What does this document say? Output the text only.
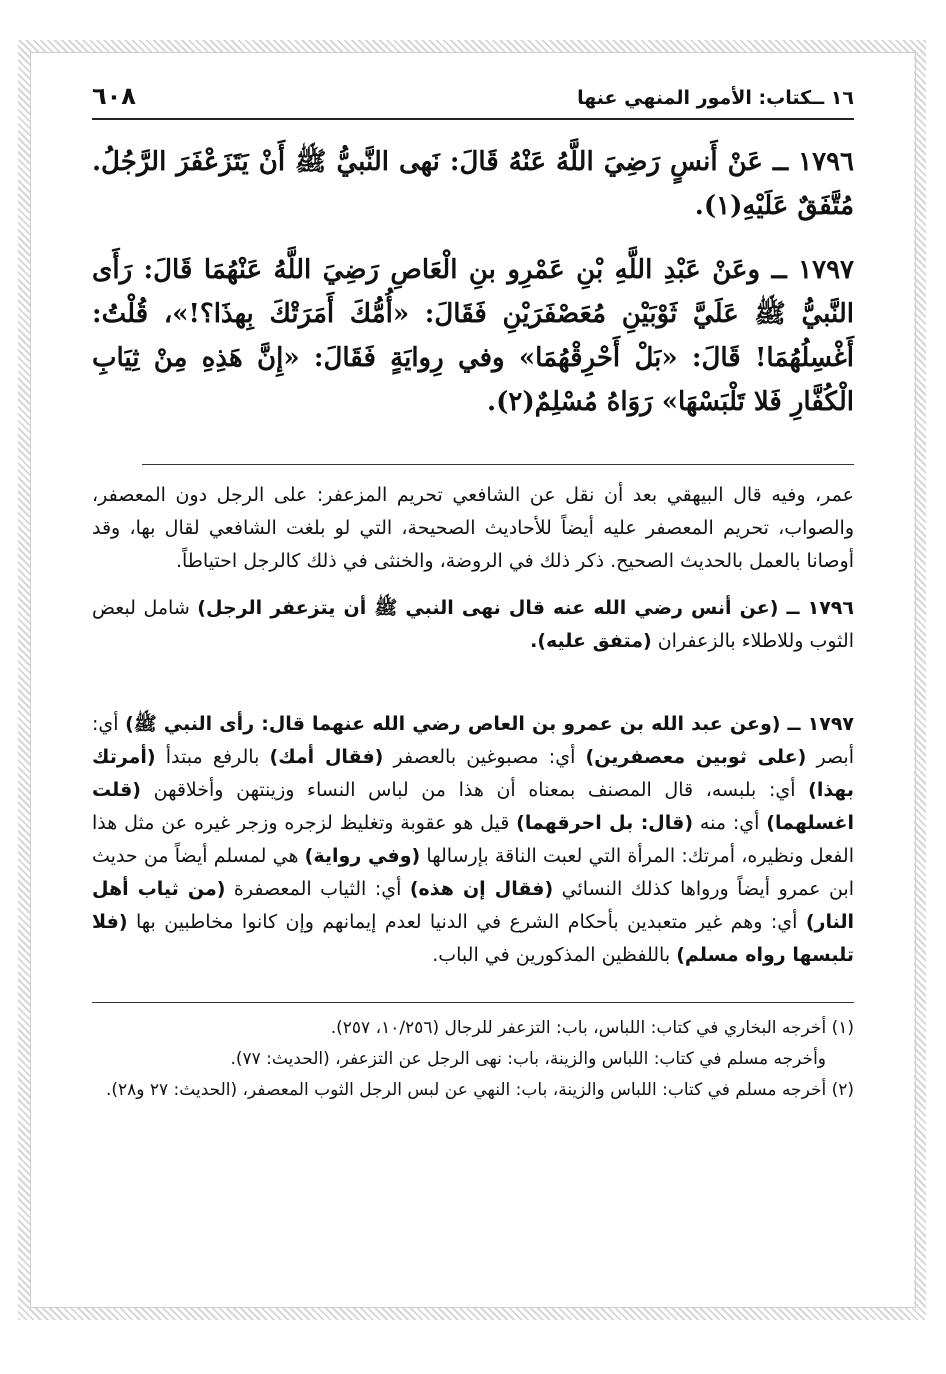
١٦ ــكتاب: الأمور المنهي عنها
٦٠٨

١٧٩٦ ــ عَنْ أَنسٍ رَضِيَ اللَّهُ عَنْهُ قَالَ: نَهى النَّبيُّ ﷺ أَنْ يَتَزَعْفَرَ الرَّجُلُ. مُتَّفَقٌ عَلَيْهِ(١).

١٧٩٧ ــ وعَنْ عَبْدِ اللَّهِ بْنِ عَمْرِو بنِ الْعَاصِ رَضِيَ اللَّهُ عَنْهُمَا قَالَ: رَأَى النَّبيُّ ﷺ عَلَيَّ ثَوْبَيْنِ مُعَصْفَرَيْنِ فَقَالَ: «أُمُّكَ أَمَرَتْكَ بِهذَا؟!»، قُلْتُ: أَغْسِلُهُمَا! قَالَ: «بَلْ أَحْرِقْهُمَا» وفي رِوايَةٍ فَقَالَ: «إِنَّ هَذِهِ مِنْ ثِيَابِ الْكُفَّارِ فَلا تَلْبَسْهَا» رَوَاهُ مُسْلِمٌ(٢).

عمر، وفيه قال البيهقي بعد أن نقل عن الشافعي تحريم المزعفر: على الرجل دون المعصفر، والصواب، تحريم المعصفر عليه أيضاً للأحاديث الصحيحة، التي لو بلغت الشافعي لقال بها، وقد أوصانا بالعمل بالحديث الصحيح. ذكر ذلك في الروضة، والخنثى في ذلك كالرجل احتياطاً.

١٧٩٦ ــ (عن أنس رضي الله عنه قال نهى النبي ﷺ أن يتزعفر الرجل) شامل لبعض الثوب وللاطلاء بالزعفران (متفق عليه).

١٧٩٧ ــ (وعن عبد الله بن عمرو بن العاص رضي الله عنهما قال: رأى النبي ﷺ) أي: أبصر (على ثوبين معصفرين) أي: مصبوغين بالعصفر (فقال أمك) بالرفع مبتدأ (أمرتك بهذا) أي: بلبسه، قال المصنف بمعناه أن هذا من لباس النساء وزينتهن وأخلاقهن (قلت اغسلهما) أي: منه (قال: بل احرقهما) قيل هو عقوبة وتغليظ لزجره وزجر غيره عن مثل هذا الفعل ونظيره، أمرتك: المرأة التي لعبت الناقة بإرسالها (وفي رواية) هي لمسلم أيضاً من حديث ابن عمرو أيضاً ورواها كذلك النسائي (فقال إن هذه) أي: الثياب المعصفرة (من ثياب أهل النار) أي: وهم غير متعبدين بأحكام الشرع في الدنيا لعدم إيمانهم وإن كانوا مخاطبين بها (فلا تلبسها رواه مسلم) باللفظين المذكورين في الباب.

(١) أخرجه البخاري في كتاب: اللباس، باب: التزعفر للرجال (١٠/٢٥٦، ٢٥٧).

وأخرجه مسلم في كتاب: اللباس والزينة، باب: نهى الرجل عن التزعفر، (الحديث: ٧٧).

(٢) أخرجه مسلم في كتاب: اللباس والزينة، باب: النهي عن لبس الرجل الثوب المعصفر، (الحديث: ٢٧ و٢٨).
